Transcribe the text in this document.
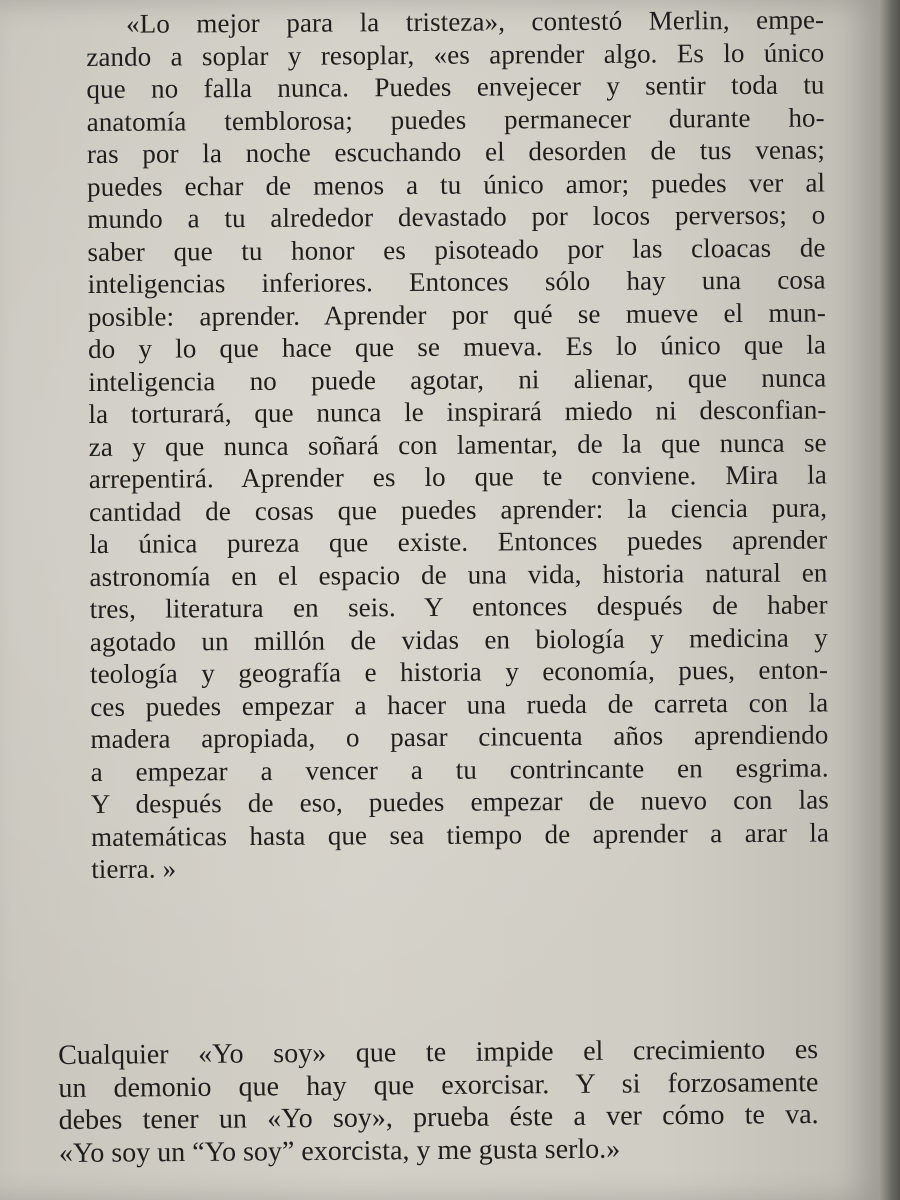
«Lo mejor para la tristeza», contestó Merlin, empe-
zando a soplar y resoplar, «es aprender algo. Es lo único
que no falla nunca. Puedes envejecer y sentir toda tu
anatomía temblorosa; puedes permanecer durante ho-
ras por la noche escuchando el desorden de tus venas;
puedes echar de menos a tu único amor; puedes ver al
mundo a tu alrededor devastado por locos perversos; o
saber que tu honor es pisoteado por las cloacas de
inteligencias inferiores. Entonces sólo hay una cosa
posible: aprender. Aprender por qué se mueve el mun-
do y lo que hace que se mueva. Es lo único que la
inteligencia no puede agotar, ni alienar, que nunca
la torturará, que nunca le inspirará miedo ni desconfian-
za y que nunca soñará con lamentar, de la que nunca se
arrepentirá. Aprender es lo que te conviene. Mira la
cantidad de cosas que puedes aprender: la ciencia pura,
la única pureza que existe. Entonces puedes aprender
astronomía en el espacio de una vida, historia natural en
tres, literatura en seis. Y entonces después de haber
agotado un millón de vidas en biología y medicina y
teología y geografía e historia y economía, pues, enton-
ces puedes empezar a hacer una rueda de carreta con la
madera apropiada, o pasar cincuenta años aprendiendo
a empezar a vencer a tu contrincante en esgrima.
Y después de eso, puedes empezar de nuevo con las
matemáticas hasta que sea tiempo de aprender a arar la
tierra. »
Cualquier «Yo soy» que te impide el crecimiento es
un demonio que hay que exorcisar. Y si forzosamente
debes tener un «Yo soy», prueba éste a ver cómo te va.
«Yo soy un “Yo soy” exorcista, y me gusta serlo.»
